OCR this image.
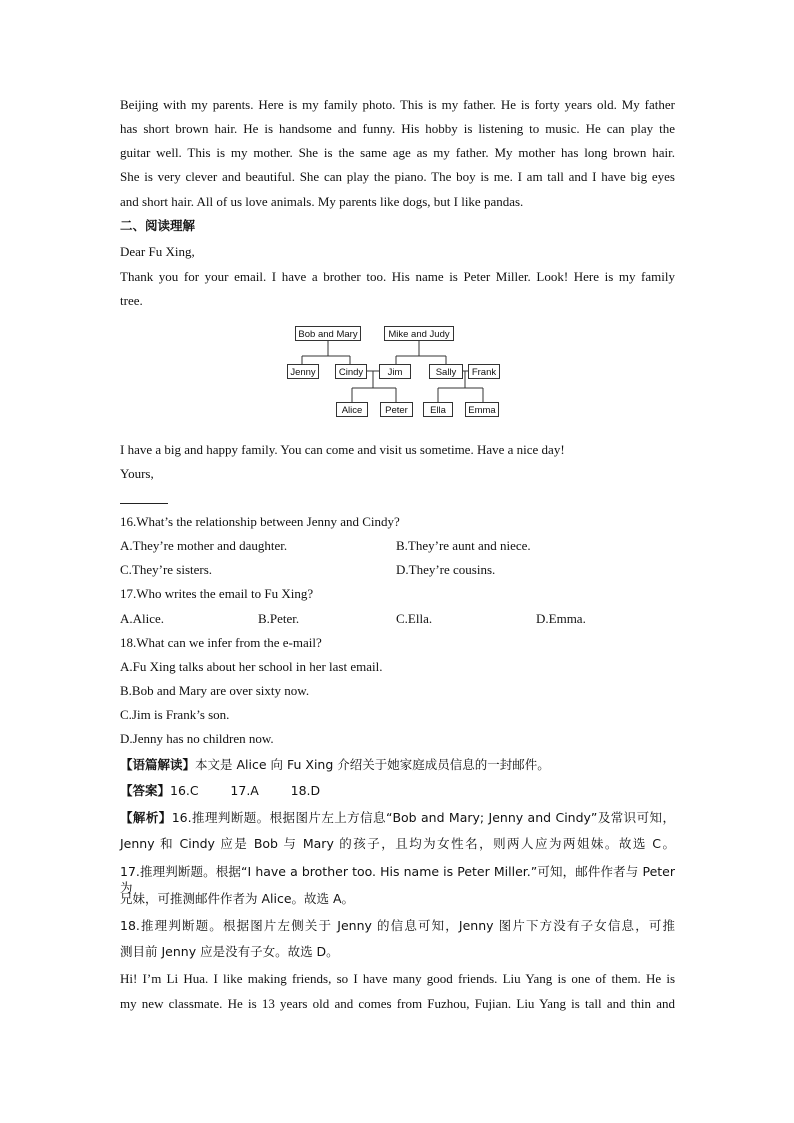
Beijing with my parents. Here is my family photo. This is my father. He is forty years old. My father
has short brown hair. He is handsome and funny. His hobby is listening to music. He can play the
guitar well. This is my mother. She is the same age as my father. My mother has long brown hair.
She is very clever and beautiful. She can play the piano. The boy is me. I am tall and I have big eyes
and short hair. All of us love animals. My parents like dogs, but I like pandas.
二、阅读理解
Dear Fu Xing,
Thank you for your email. I have a brother too. His name is Peter Miller. Look! Here is my family
tree.
Bob and Mary	Mike and Judy
Jenny	Cindy	Jim	Sally	Frank
Alice	Peter	Ella	Emma
I have a big and happy family. You can come and visit us sometime. Have a nice day!
Yours,
16.What’s the relationship between Jenny and Cindy?
A.They’re mother and daughter.	B.They’re aunt and niece.
C.They’re sisters.	D.They’re cousins.
17.Who writes the email to Fu Xing?
A.Alice.	B.Peter.	C.Ella.	D.Emma.
18.What can we infer from the e-mail?
A.Fu Xing talks about her school in her last email.
B.Bob and Mary are over sixty now.
C.Jim is Frank’s son.
D.Jenny has no children now.
【语篇解读】本文是 Alice 向 Fu Xing 介绍关于她家庭成员信息的一封邮件。
【答案】16.C        17.A        18.D
【解析】16.推理判断题。根据图片左上方信息“Bob and Mary; Jenny and Cindy”及常识可知，
Jenny 和 Cindy 应是 Bob 与 Mary 的孩子，且均为女性名，则两人应为两姐妹。故选 C。
17.推理判断题。根据“I have a brother too. His name is Peter Miller.”可知，邮件作者与 Peter 为
兄妹，可推测邮件作者为 Alice。故选 A。
18.推理判断题。根据图片左侧关于 Jenny 的信息可知，Jenny 图片下方没有子女信息，可推
测目前 Jenny 应是没有子女。故选 D。
Hi! I’m Li Hua. I like making friends, so I have many good friends. Liu Yang is one of them. He is
my new classmate. He is 13 years old and comes from Fuzhou, Fujian. Liu Yang is tall and thin and
